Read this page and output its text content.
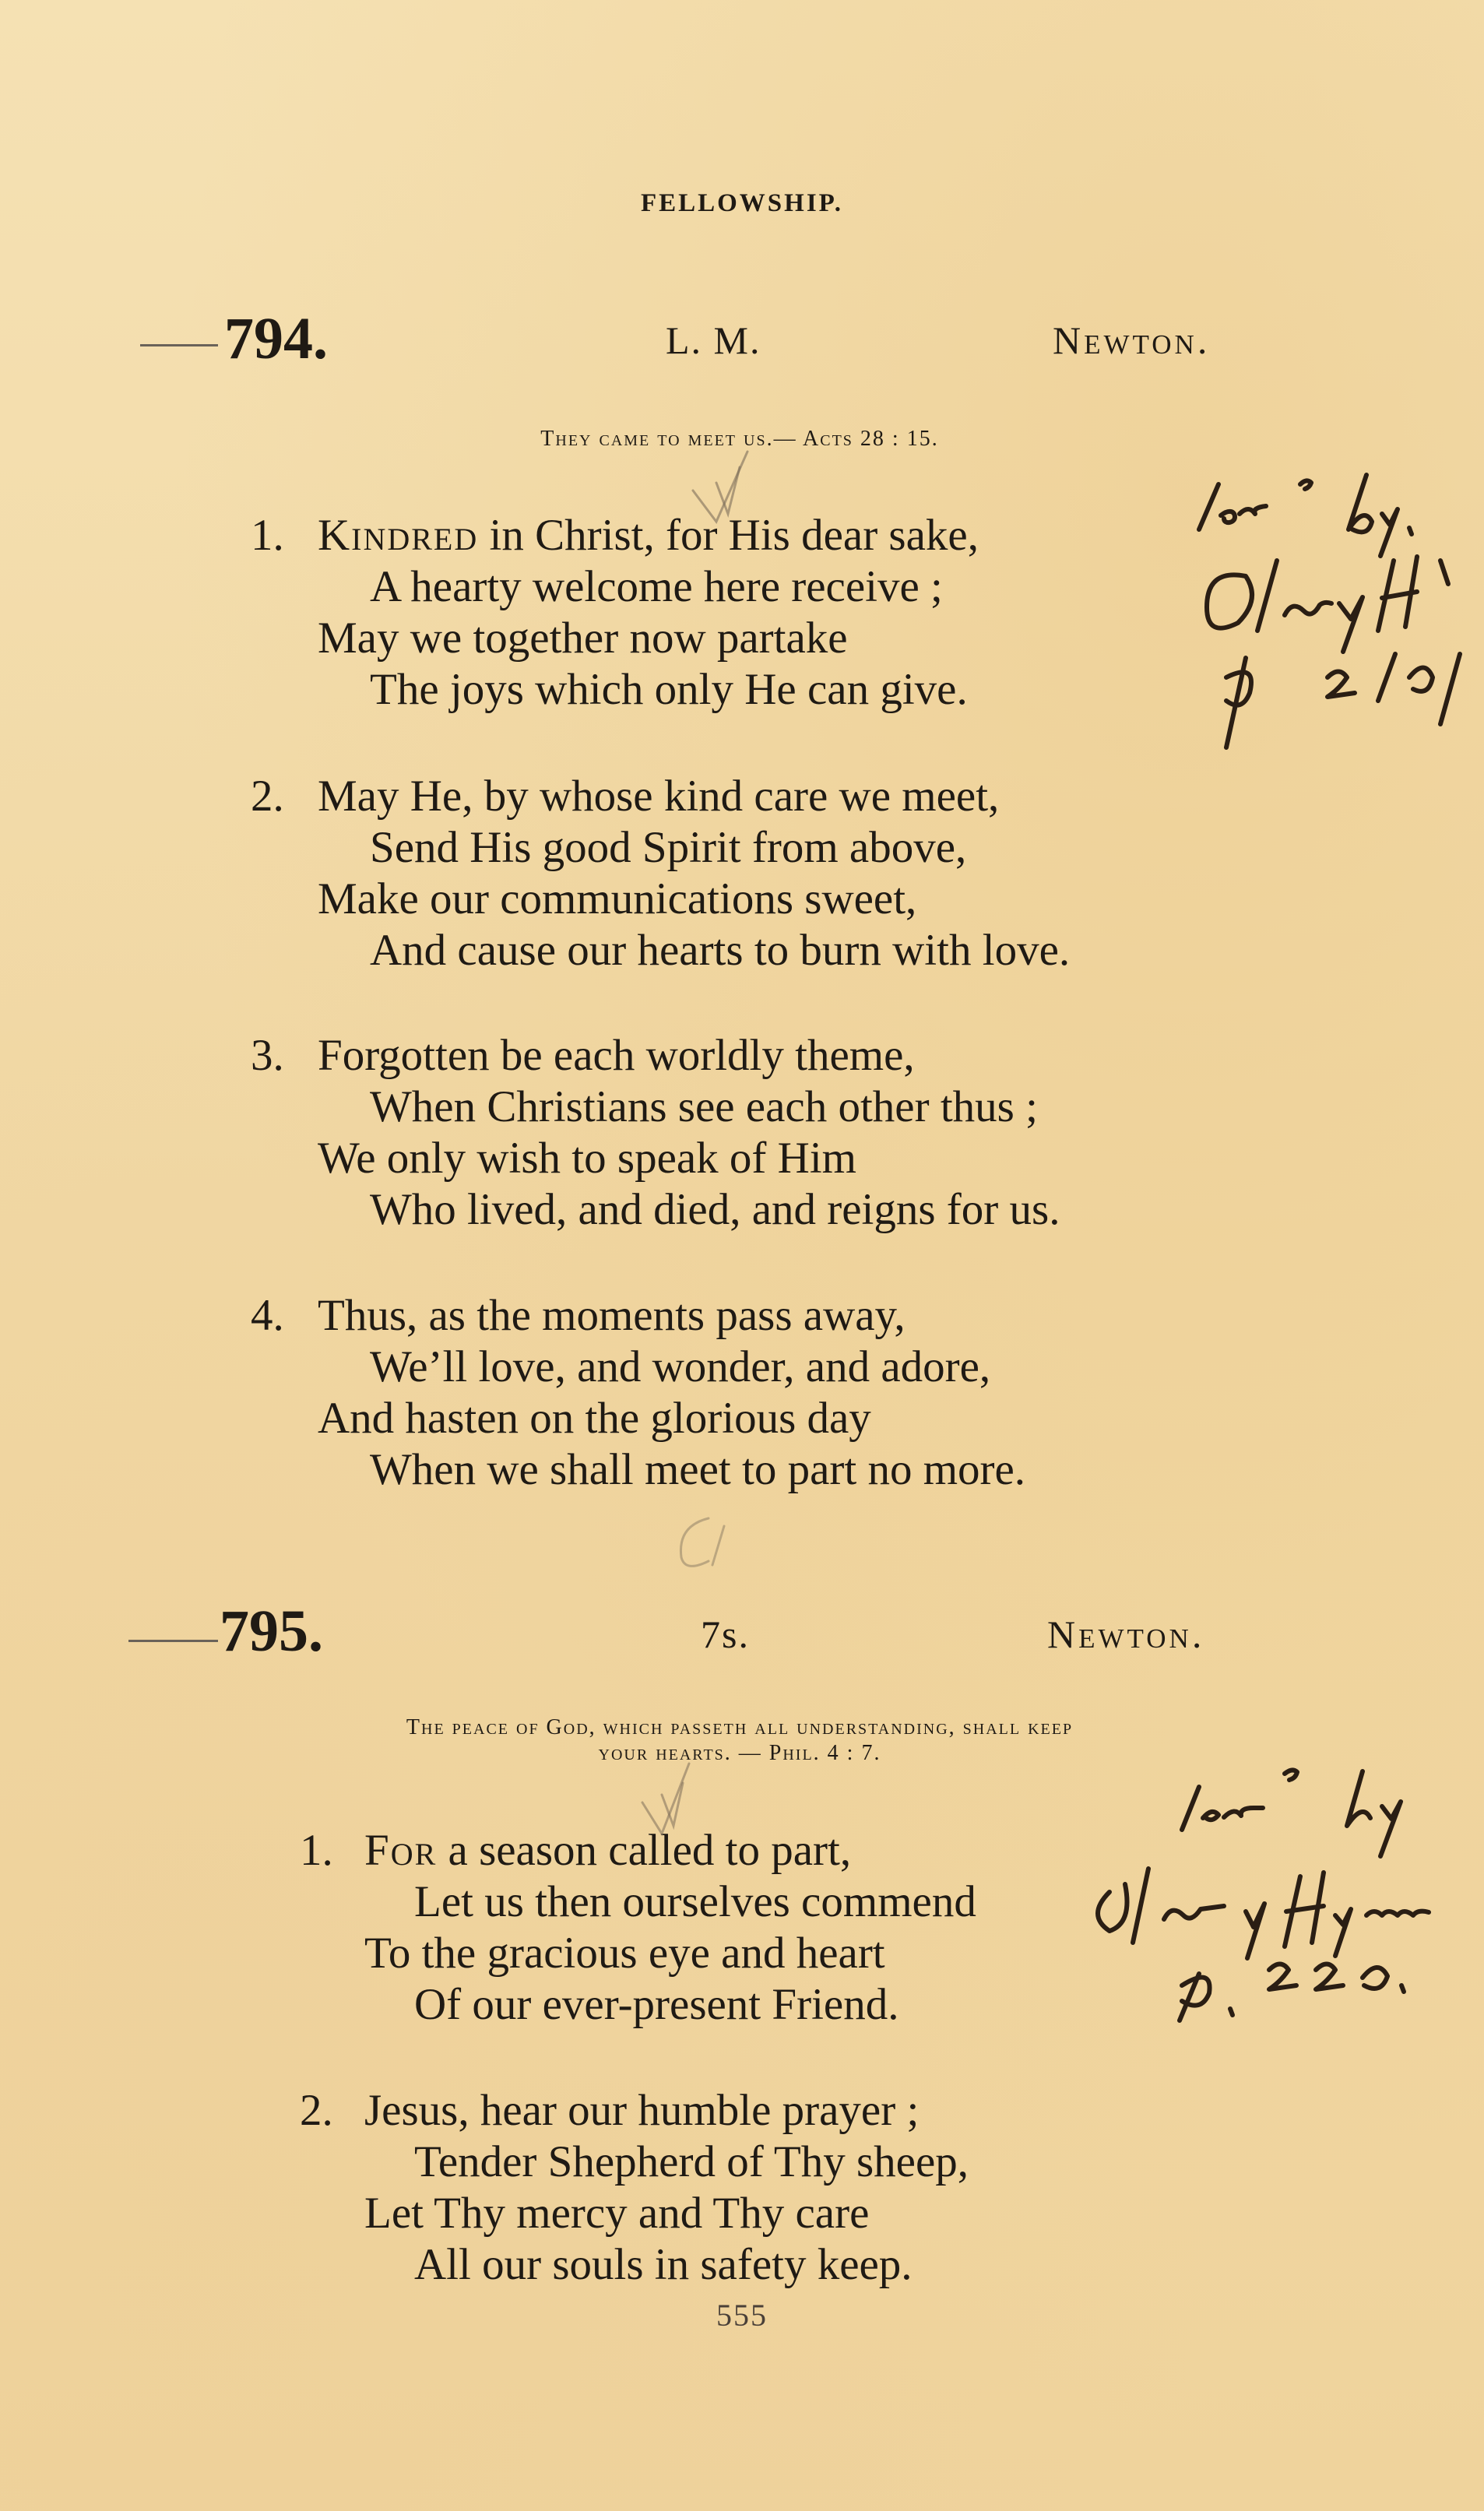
FELLOWSHIP.
794.	L. M.	Newton.
They came to meet us.— Acts 28 : 15.
1. Kindred in Christ, for His dear sake,
A hearty welcome here receive ;
May we together now partake
The joys which only He can give.
2. May He, by whose kind care we meet,
Send His good Spirit from above,
Make our communications sweet,
And cause our hearts to burn with love.
3. Forgotten be each worldly theme,
When Christians see each other thus ;
We only wish to speak of Him
Who lived, and died, and reigns for us.
4. Thus, as the moments pass away,
We’ll love, and wonder, and adore,
And hasten on the glorious day
When we shall meet to part no more.
795.	7s.	Newton.
The peace of God, which passeth all understanding, shall keep
your hearts. — Phil. 4 : 7.
1. For a season called to part,
Let us then ourselves commend
To the gracious eye and heart
Of our ever-present Friend.
2. Jesus, hear our humble prayer ;
Tender Shepherd of Thy sheep,
Let Thy mercy and Thy care
All our souls in safety keep.
555
